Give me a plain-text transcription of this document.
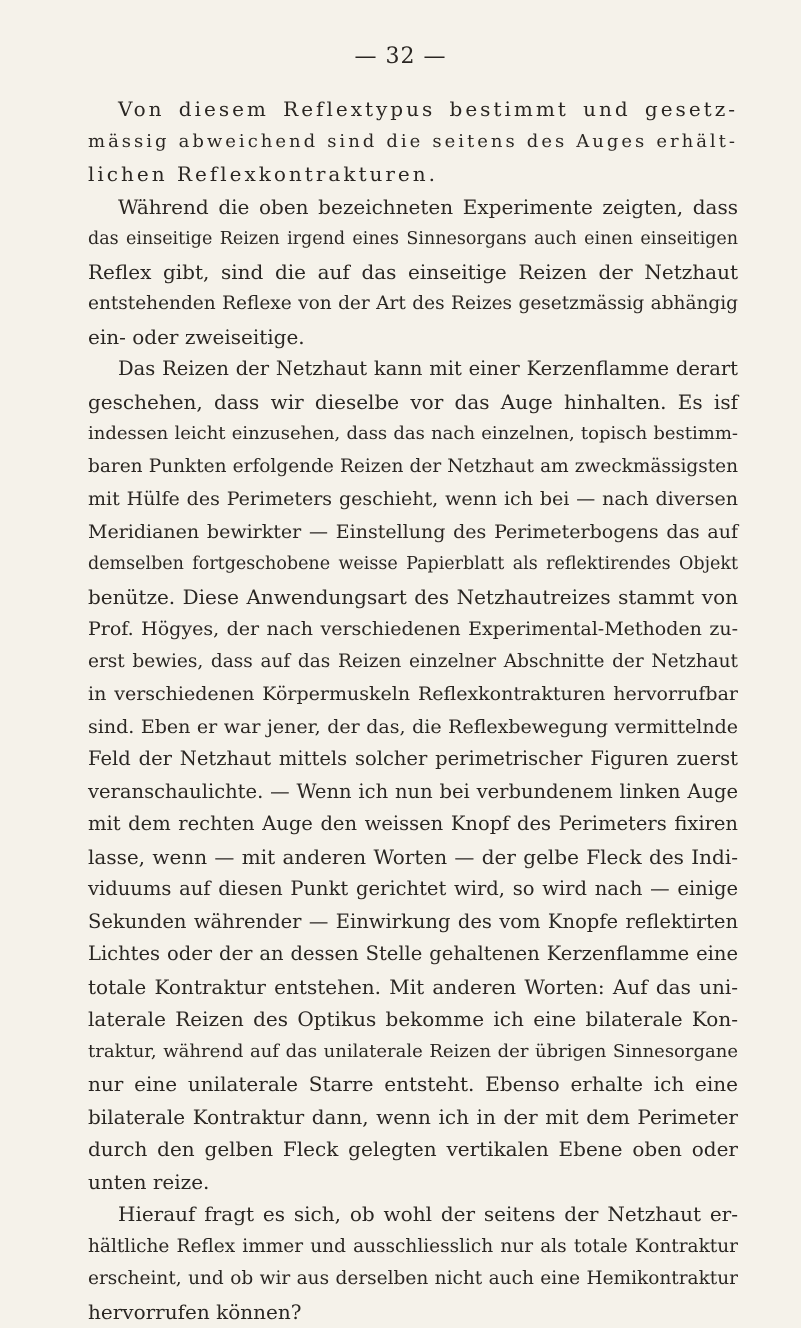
— 32 —

Von diesem Reflextypus bestimmt und gesetz-
mässig abweichend sind die seitens des Auges erhält-
lichen Reflexkontrakturen.

Während die oben bezeichneten Experimente zeigten, dass
das einseitige Reizen irgend eines Sinnesorgans auch einen einseitigen
Reflex gibt, sind die auf das einseitige Reizen der Netzhaut
entstehenden Reflexe von der Art des Reizes gesetzmässig abhängig
ein- oder zweiseitige.

Das Reizen der Netzhaut kann mit einer Kerzenflamme derart
geschehen, dass wir dieselbe vor das Auge hinhalten. Es isf
indessen leicht einzusehen, dass das nach einzelnen, topisch bestimm-
baren Punkten erfolgende Reizen der Netzhaut am zweckmässigsten
mit Hülfe des Perimeters geschieht, wenn ich bei — nach diversen
Meridianen bewirkter — Einstellung des Perimeterbogens das auf
demselben fortgeschobene weisse Papierblatt als reflektirendes Objekt
benütze. Diese Anwendungsart des Netzhautreizes stammt von
Prof. Högyes, der nach verschiedenen Experimental-Methoden zu-
erst bewies, dass auf das Reizen einzelner Abschnitte der Netzhaut
in verschiedenen Körpermuskeln Reflexkontrakturen hervorrufbar
sind. Eben er war jener, der das, die Reflexbewegung vermittelnde
Feld der Netzhaut mittels solcher perimetrischer Figuren zuerst
veranschaulichte. — Wenn ich nun bei verbundenem linken Auge
mit dem rechten Auge den weissen Knopf des Perimeters fixiren
lasse, wenn — mit anderen Worten — der gelbe Fleck des Indi-
viduums auf diesen Punkt gerichtet wird, so wird nach — einige
Sekunden währender — Einwirkung des vom Knopfe reflektirten
Lichtes oder der an dessen Stelle gehaltenen Kerzenflamme eine
totale Kontraktur entstehen. Mit anderen Worten: Auf das uni-
laterale Reizen des Optikus bekomme ich eine bilaterale Kon-
traktur, während auf das unilaterale Reizen der übrigen Sinnesorgane
nur eine unilaterale Starre entsteht. Ebenso erhalte ich eine
bilaterale Kontraktur dann, wenn ich in der mit dem Perimeter
durch den gelben Fleck gelegten vertikalen Ebene oben oder
unten reize.

Hierauf fragt es sich, ob wohl der seitens der Netzhaut er-
hältliche Reflex immer und ausschliesslich nur als totale Kontraktur
erscheint, und ob wir aus derselben nicht auch eine Hemikontraktur
hervorrufen können?
